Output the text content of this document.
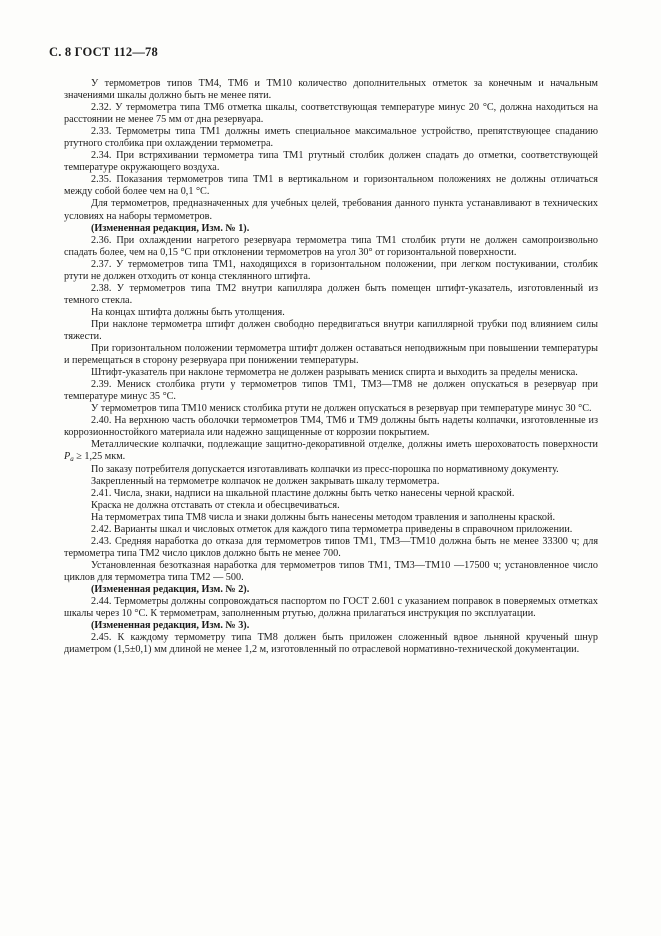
С. 8 ГОСТ 112—78

У термометров типов ТМ4, ТМ6 и ТМ10 количество дополнительных отметок за конечным и начальным значениями шкалы должно быть не менее пяти.

2.32. У термометра типа ТМ6 отметка шкалы, соответствующая температуре минус 20 °С, должна находиться на расстоянии не менее 75 мм от дна резервуара.

2.33. Термометры типа ТМ1 должны иметь специальное максимальное устройство, препятствующее спаданию ртутного столбика при охлаждении термометра.

2.34. При встряхивании термометра типа ТМ1 ртутный столбик должен спадать до отметки, соответствующей температуре окружающего воздуха.

2.35. Показания термометров типа ТМ1 в вертикальном и горизонтальном положениях не должны отличаться между собой более чем на 0,1 °С.

Для термометров, предназначенных для учебных целей, требования данного пункта устанавливают в технических условиях на наборы термометров.

(Измененная редакция, Изм. № 1).

2.36. При охлаждении нагретого резервуара термометра типа ТМ1 столбик ртути не должен самопроизвольно спадать более, чем на 0,15 °С при отклонении термометров на угол 30° от горизонтальной поверхности.

2.37. У термометров типа ТМ1, находящихся в горизонтальном положении, при легком постукивании, столбик ртути не должен отходить от конца стеклянного штифта.

2.38. У термометров типа ТМ2 внутри капилляра должен быть помещен штифт-указатель, изготовленный из темного стекла.

На концах штифта должны быть утолщения.

При наклоне термометра штифт должен свободно передвигаться внутри капиллярной трубки под влиянием силы тяжести.

При горизонтальном положении термометра штифт должен оставаться неподвижным при повышении температуры и перемещаться в сторону резервуара при понижении температуры.

Штифт-указатель при наклоне термометра не должен разрывать мениск спирта и выходить за пределы мениска.

2.39. Мениск столбика ртути у термометров типов ТМ1, ТМ3—ТМ8 не должен опускаться в резервуар при температуре минус 35 °С.

У термометров типа ТМ10 мениск столбика ртути не должен опускаться в резервуар при температуре минус 30 °С.

2.40. На верхнюю часть оболочки термометров ТМ4, ТМ6 и ТМ9 должны быть надеты колпачки, изготовленные из коррозионностойкого материала или надежно защищенные от коррозии покрытием.

Металлические колпачки, подлежащие защитно-декоративной отделке, должны иметь шероховатость поверхности $P_a \ge 1,25$ мкм.

По заказу потребителя допускается изготавливать колпачки из пресс-порошка по нормативному документу.

Закрепленный на термометре колпачок не должен закрывать шкалу термометра.

2.41. Числа, знаки, надписи на шкальной пластине должны быть четко нанесены черной краской.

Краска не должна отставать от стекла и обесцвечиваться.

На термометрах типа ТМ8 числа и знаки должны быть нанесены методом травления и заполнены краской.

2.42. Варианты шкал и числовых отметок для каждого типа термометра приведены в справочном приложении.

2.43. Средняя наработка до отказа для термометров типов ТМ1, ТМ3—ТМ10 должна быть не менее 33300 ч; для термометра типа ТМ2 число циклов должно быть не менее 700.

Установленная безотказная наработка для термометров типов ТМ1, ТМ3—ТМ10 —17500 ч; установленное число циклов для термометра типа ТМ2 — 500.

(Измененная редакция, Изм. № 2).

2.44. Термометры должны сопровождаться паспортом по ГОСТ 2.601 с указанием поправок в поверяемых отметках шкалы через 10 °С. К термометрам, заполненным ртутью, должна прилагаться инструкция по эксплуатации.

(Измененная редакция, Изм. № 3).

2.45. К каждому термометру типа ТМ8 должен быть приложен сложенный вдвое льняной крученый шнур диаметром (1,5±0,1) мм длиной не менее 1,2 м, изготовленный по отраслевой нормативно-технической документации.
